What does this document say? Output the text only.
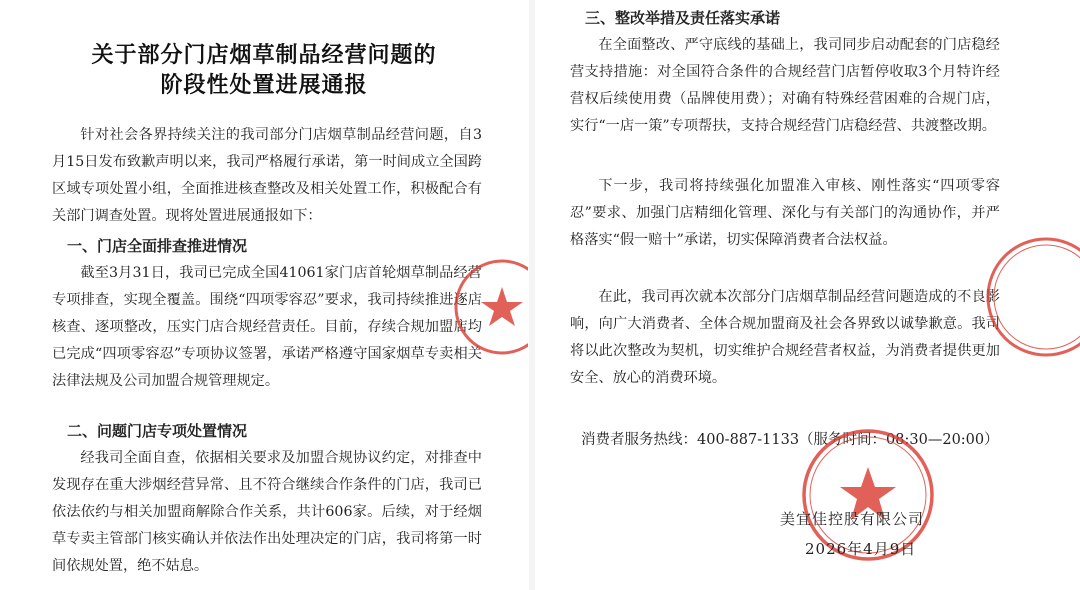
关于部分门店烟草制品经营问题的
阶段性处置进展通报

针对社会各界持续关注的我司部分门店烟草制品经营问题，自3月15日发布致歉声明以来，我司严格履行承诺，第一时间成立全国跨区域专项处置小组，全面推进核查整改及相关处置工作，积极配合有关部门调查处置。现将处置进展通报如下：

一、门店全面排查推进情况

截至3月31日，我司已完成全国41061家门店首轮烟草制品经营专项排查，实现全覆盖。围绕“四项零容忍”要求，我司持续推进逐店核查、逐项整改，压实门店合规经营责任。目前，存续合规加盟店均已完成“四项零容忍”专项协议签署，承诺严格遵守国家烟草专卖相关法律法规及公司加盟合规管理规定。

二、问题门店专项处置情况

经我司全面自查，依据相关要求及加盟合规协议约定，对排查中发现存在重大涉烟经营异常、且不符合继续合作条件的门店，我司已依法依约与相关加盟商解除合作关系，共计606家。后续，对于经烟草专卖主管部门核实确认并依法作出处理决定的门店，我司将第一时间依规处置，绝不姑息。

三、整改举措及责任落实承诺

在全面整改、严守底线的基础上，我司同步启动配套的门店稳经营支持措施：对全国符合条件的合规经营门店暂停收取3个月特许经营权后续使用费（品牌使用费）；对确有特殊经营困难的合规门店，实行“一店一策”专项帮扶，支持合规经营门店稳经营、共渡整改期。

下一步，我司将持续强化加盟准入审核、刚性落实“四项零容忍”要求、加强门店精细化管理、深化与有关部门的沟通协作，并严格落实“假一赔十”承诺，切实保障消费者合法权益。

在此，我司再次就本次部分门店烟草制品经营问题造成的不良影响，向广大消费者、全体合规加盟商及社会各界致以诚挚歉意。我司将以此次整改为契机，切实维护合规经营者权益，为消费者提供更加安全、放心的消费环境。

消费者服务热线：400-887-1133（服务时间：08:30—20:00）
美宜佳控股有限公司
2026年4月9日
